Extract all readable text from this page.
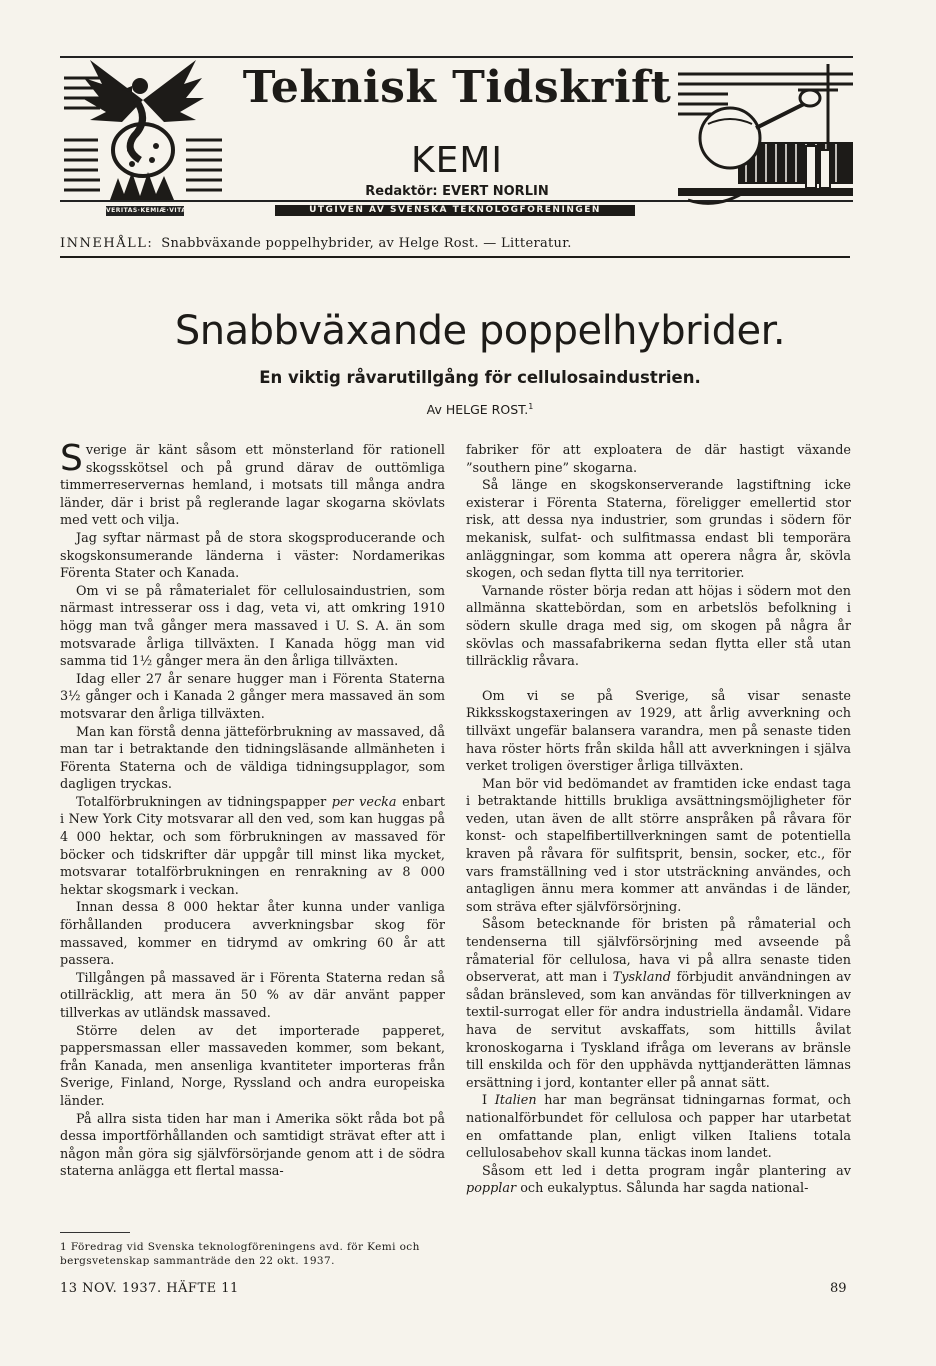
VERITAS·KEMIÆ·VITA
Teknisk Tidskrift
KEMI
Redaktör: EVERT NORLIN
UTGIVEN AV SVENSKA TEKNOLOGFÖRENINGEN
INNEHÅLL: Snabbväxande poppelhybrider, av Helge Rost. — Litteratur.
Snabbväxande poppelhybrider.
En viktig råvarutillgång för cellulosaindustrien.
Av HELGE ROST.$^1$

Sverige är känt såsom ett mönsterland för rationell skogsskötsel och på grund därav de outtömliga timmerreservernas hemland, i motsats till många andra länder, där i brist på reglerande lagar skogarna skövlats med vett och vilja.

Jag syftar närmast på de stora skogsproducerande och skogskonsumerande länderna i väster: Nordamerikas Förenta Stater och Kanada.

Om vi se på råmaterialet för cellulosaindustrien, som närmast intresserar oss i dag, veta vi, att omkring 1910 högg man två gånger mera massaved i U. S. A. än som motsvarade årliga tillväxten. I Kanada högg man vid samma tid 1½ gånger mera än den årliga tillväxten.

Idag eller 27 år senare hugger man i Förenta Staterna 3½ gånger och i Kanada 2 gånger mera massaved än som motsvarar den årliga tillväxten.

Man kan förstå denna jätteförbrukning av massaved, då man tar i betraktande den tidningsläsande allmänheten i Förenta Staterna och de väldiga tidningsupplagor, som dagligen tryckas.

Totalförbrukningen av tidningspapper per vecka enbart i New York City motsvarar all den ved, som kan huggas på 4 000 hektar, och som förbrukningen av massaved för böcker och tidskrifter där uppgår till minst lika mycket, motsvarar totalförbrukningen en renrakning av 8 000 hektar skogsmark i veckan.

Innan dessa 8 000 hektar åter kunna under vanliga förhållanden producera avverkningsbar skog för massaved, kommer en tidrymd av omkring 60 år att passera.

Tillgången på massaved är i Förenta Staterna redan så otillräcklig, att mera än 50 % av där använt papper tillverkas av utländsk massaved.

Större delen av det importerade papperet, pappersmassan eller massaveden kommer, som bekant, från Kanada, men ansenliga kvantiteter importeras från Sverige, Finland, Norge, Ryssland och andra europeiska länder.

På allra sista tiden har man i Amerika sökt råda bot på dessa importförhållanden och samtidigt strävat efter att i någon mån göra sig självförsörjande genom att i de södra staterna anlägga ett flertal massa-

fabriker för att exploatera de där hastigt växande ”southern pine” skogarna.

Så länge en skogskonserverande lagstiftning icke existerar i Förenta Staterna, föreligger emellertid stor risk, att dessa nya industrier, som grundas i södern för mekanisk, sulfat- och sulfitmassa endast bli temporära anläggningar, som komma att operera några år, skövla skogen, och sedan flytta till nya territorier.

Varnande röster börja redan att höjas i södern mot den allmänna skattebördan, som en arbetslös befolkning i södern skulle draga med sig, om skogen på några år skövlas och massafabrikerna sedan flytta eller stå utan tillräcklig råvara.

Om vi se på Sverige, så visar senaste Rikksskogstaxeringen av 1929, att årlig avverkning och tillväxt ungefär balansera varandra, men på senaste tiden hava röster hörts från skilda håll att avverkningen i själva verket troligen överstiger årliga tillväxten.

Man bör vid bedömandet av framtiden icke endast taga i betraktande hittills brukliga avsättningsmöjligheter för veden, utan även de allt större anspråken på råvara för konst- och stapelfibertillverkningen samt de potentiella kraven på råvara för sulfitsprit, bensin, socker, etc., för vars framställning ved i stor utsträckning användes, och antagligen ännu mera kommer att användas i de länder, som sträva efter självförsörjning.

Såsom betecknande för bristen på råmaterial och tendenserna till självförsörjning med avseende på råmaterial för cellulosa, hava vi på allra senaste tiden observerat, att man i Tyskland förbjudit användningen av sådan bränsleved, som kan användas för tillverkningen av textil-surrogat eller för andra industriella ändamål. Vidare hava de servitut avskaffats, som hittills åvilat kronoskogarna i Tyskland ifråga om leverans av bränsle till enskilda och för den upphävda nyttjanderätten lämnas ersättning i jord, kontanter eller på annat sätt.

I Italien har man begränsat tidningarnas format, och nationalförbundet för cellulosa och papper har utarbetat en omfattande plan, enligt vilken Italiens totala cellulosabehov skall kunna täckas inom landet.

Såsom ett led i detta program ingår plantering av popplar och eukalyptus. Sålunda har sagda national-

1 Föredrag vid Svenska teknologföreningens avd. för Kemi och bergsvetenskap sammanträde den 22 okt. 1937.
13 NOV. 1937. HÄFTE 11	89
